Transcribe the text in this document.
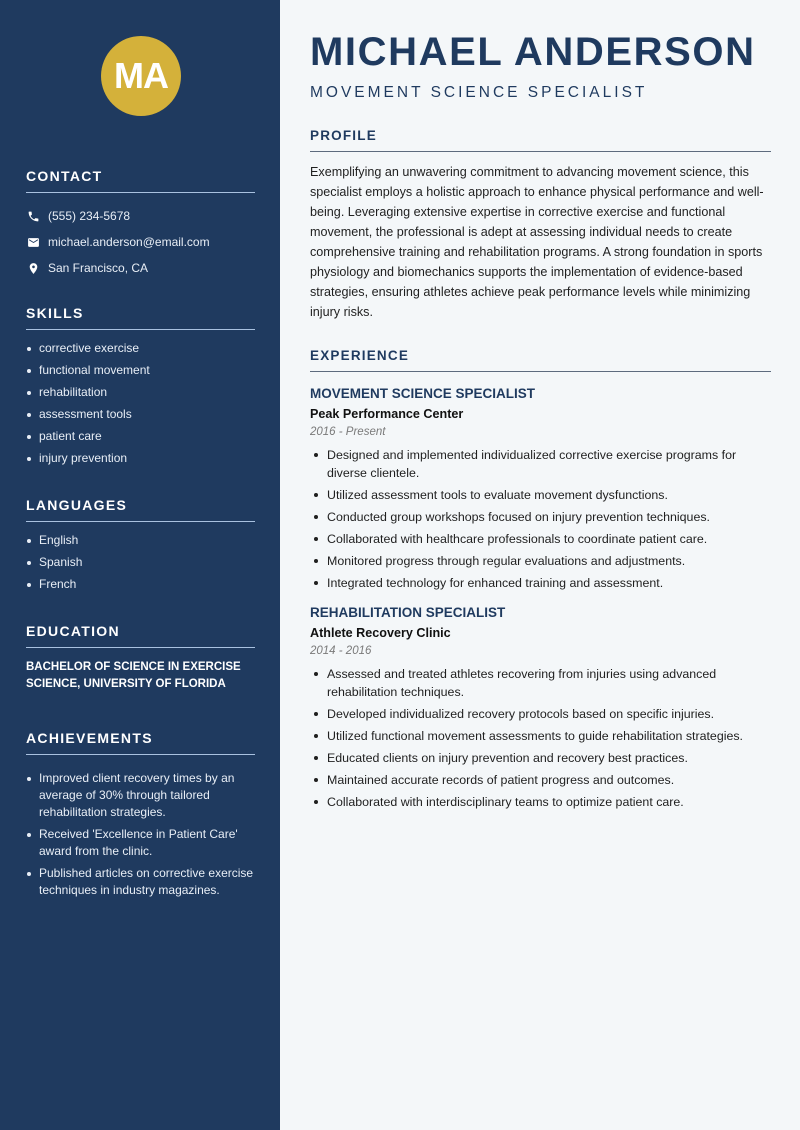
MA
CONTACT
(555) 234-5678
michael.anderson@email.com
San Francisco, CA
SKILLS
corrective exercise
functional movement
rehabilitation
assessment tools
patient care
injury prevention
LANGUAGES
English
Spanish
French
EDUCATION

BACHELOR OF SCIENCE IN EXERCISE SCIENCE, UNIVERSITY OF FLORIDA

ACHIEVEMENTS
Improved client recovery times by an average of 30% through tailored rehabilitation strategies.
Received 'Excellence in Patient Care' award from the clinic.
Published articles on corrective exercise techniques in industry magazines.
MICHAEL ANDERSON
MOVEMENT SCIENCE SPECIALIST
PROFILE

Exemplifying an unwavering commitment to advancing movement science, this specialist employs a holistic approach to enhance physical performance and well-being. Leveraging extensive expertise in corrective exercise and functional movement, the professional is adept at assessing individual needs to create comprehensive training and rehabilitation programs. A strong foundation in sports physiology and biomechanics supports the implementation of evidence-based strategies, ensuring athletes achieve peak performance levels while minimizing injury risks.

EXPERIENCE
MOVEMENT SCIENCE SPECIALIST
Peak Performance Center
2016 - Present
Designed and implemented individualized corrective exercise programs for diverse clientele.
Utilized assessment tools to evaluate movement dysfunctions.
Conducted group workshops focused on injury prevention techniques.
Collaborated with healthcare professionals to coordinate patient care.
Monitored progress through regular evaluations and adjustments.
Integrated technology for enhanced training and assessment.
REHABILITATION SPECIALIST
Athlete Recovery Clinic
2014 - 2016
Assessed and treated athletes recovering from injuries using advanced rehabilitation techniques.
Developed individualized recovery protocols based on specific injuries.
Utilized functional movement assessments to guide rehabilitation strategies.
Educated clients on injury prevention and recovery best practices.
Maintained accurate records of patient progress and outcomes.
Collaborated with interdisciplinary teams to optimize patient care.
